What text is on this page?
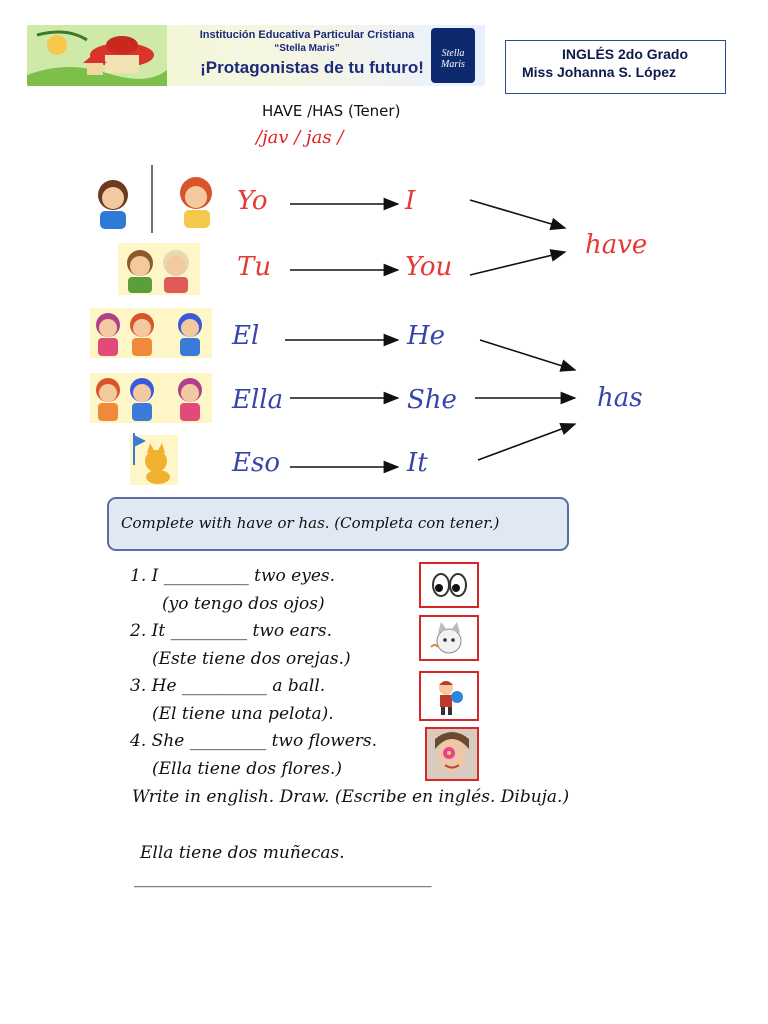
Institución Educativa Particular Cristiana
“Stella Maris”
¡Protagonistas de tu futuro!
Stella Maris
INGLÉS 2do Grado
Miss Johanna S. López
HAVE /HAS (Tener)
/jav / jas /
Yo	I
Tu	You
have
El	He
Ella	She	has
Eso	It
Complete with have or has. (Completa con tener.)
1. I __________ two eyes.
(yo tengo dos ojos)
2. It _________ two ears.
(Este tiene dos orejas.)
3. He __________ a ball.
(El tiene una pelota).
4. She _________ two flowers.
(Ella tiene dos flores.)
Write in english. Draw. (Escribe en inglés. Dibuja.)
Ella tiene dos muñecas.
___________________________________
